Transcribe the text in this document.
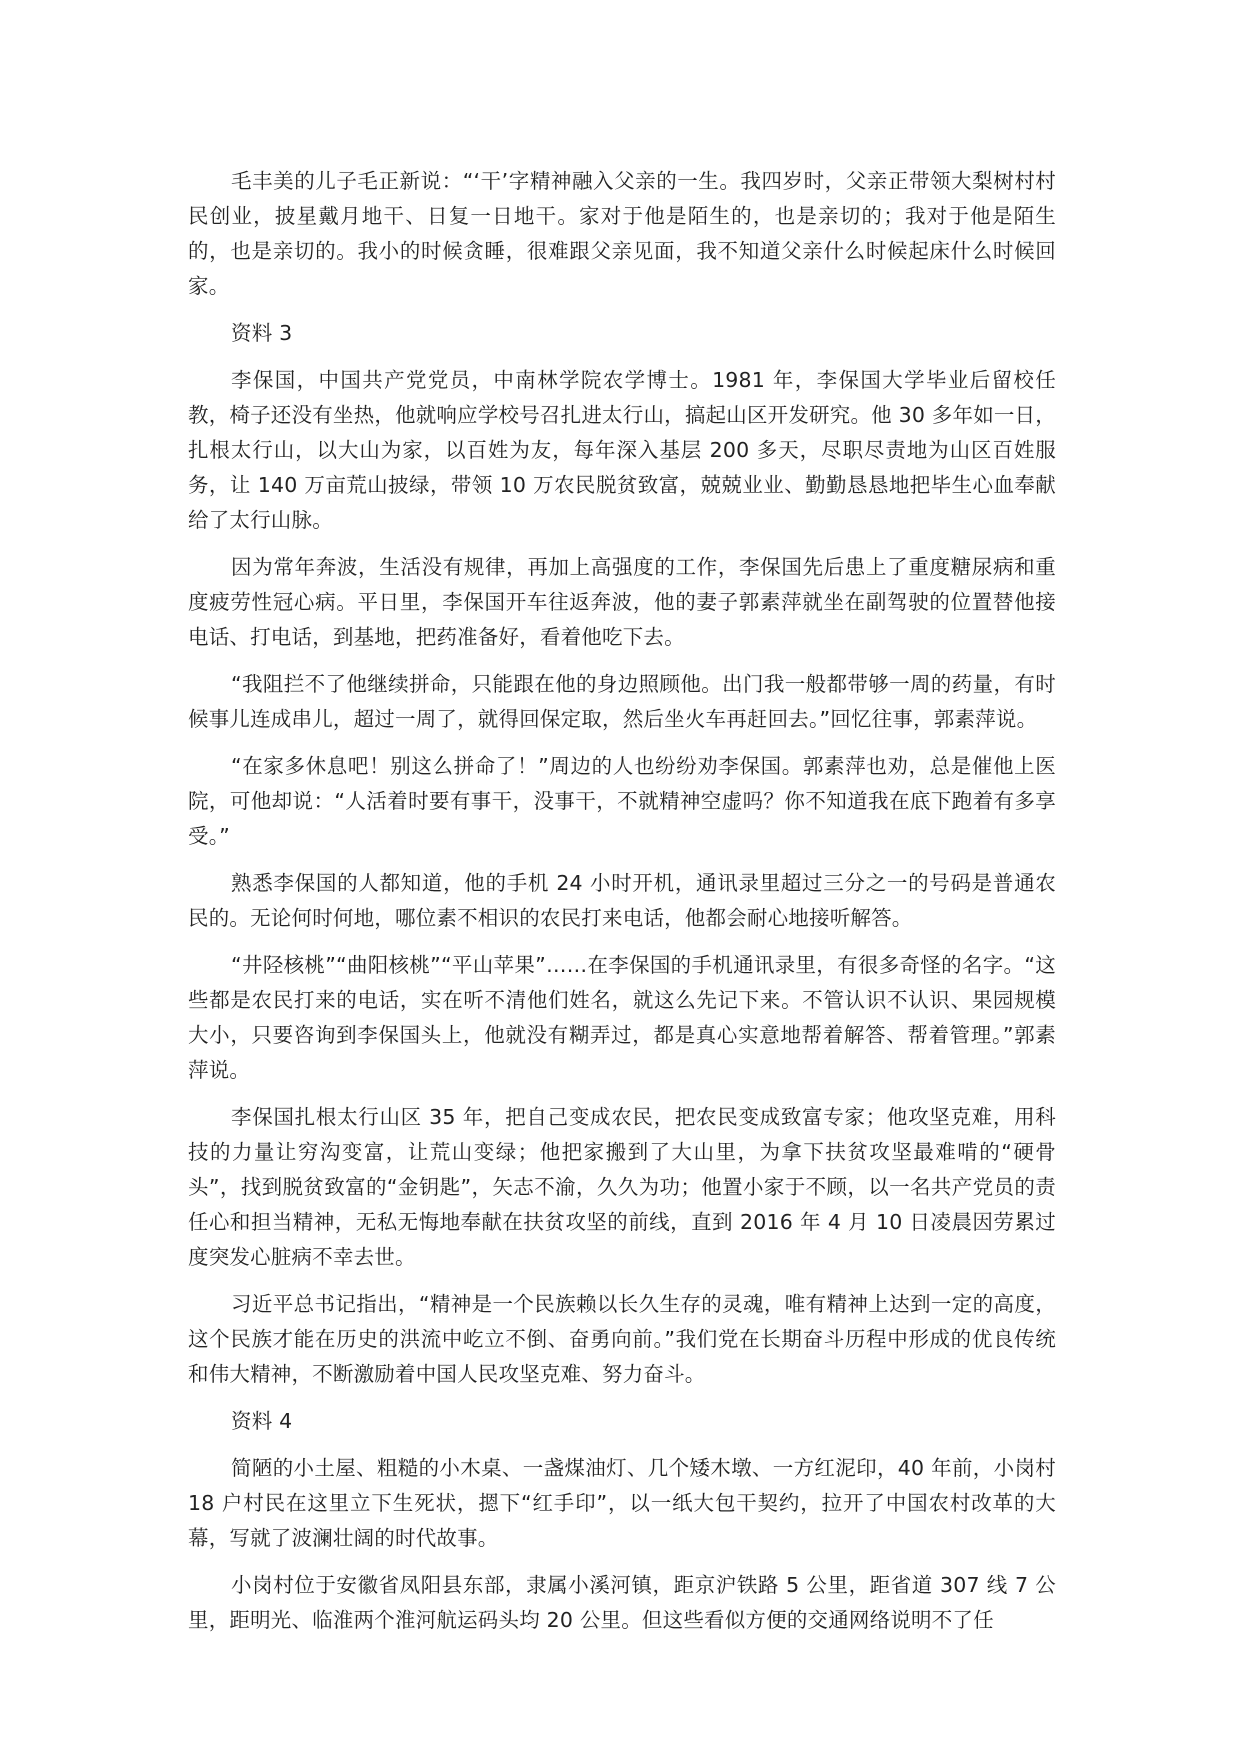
毛丰美的儿子毛正新说：“‘干’字精神融入父亲的一生。我四岁时，父亲正带领大梨树村村民创业，披星戴月地干、日复一日地干。家对于他是陌生的，也是亲切的；我对于他是陌生的，也是亲切的。我小的时候贪睡，很难跟父亲见面，我不知道父亲什么时候起床什么时候回家。

资料 3

李保国，中国共产党党员，中南林学院农学博士。1981 年，李保国大学毕业后留校任教，椅子还没有坐热，他就响应学校号召扎进太行山，搞起山区开发研究。他 30 多年如一日，扎根太行山，以大山为家，以百姓为友，每年深入基层 200 多天，尽职尽责地为山区百姓服务，让 140 万亩荒山披绿，带领 10 万农民脱贫致富，兢兢业业、勤勤恳恳地把毕生心血奉献给了太行山脉。

因为常年奔波，生活没有规律，再加上高强度的工作，李保国先后患上了重度糖尿病和重度疲劳性冠心病。平日里，李保国开车往返奔波，他的妻子郭素萍就坐在副驾驶的位置替他接电话、打电话，到基地，把药准备好，看着他吃下去。

“我阻拦不了他继续拼命，只能跟在他的身边照顾他。出门我一般都带够一周的药量，有时候事儿连成串儿，超过一周了，就得回保定取，然后坐火车再赶回去。”回忆往事，郭素萍说。

“在家多休息吧！别这么拼命了！”周边的人也纷纷劝李保国。郭素萍也劝，总是催他上医院，可他却说：“人活着时要有事干，没事干，不就精神空虚吗？你不知道我在底下跑着有多享受。”

熟悉李保国的人都知道，他的手机 24 小时开机，通讯录里超过三分之一的号码是普通农民的。无论何时何地，哪位素不相识的农民打来电话，他都会耐心地接听解答。

“井陉核桃”“曲阳核桃”“平山苹果”……在李保国的手机通讯录里，有很多奇怪的名字。“这些都是农民打来的电话，实在听不清他们姓名，就这么先记下来。不管认识不认识、果园规模大小，只要咨询到李保国头上，他就没有糊弄过，都是真心实意地帮着解答、帮着管理。”郭素萍说。

李保国扎根太行山区 35 年，把自己变成农民，把农民变成致富专家；他攻坚克难，用科技的力量让穷沟变富，让荒山变绿；他把家搬到了大山里，为拿下扶贫攻坚最难啃的“硬骨头”，找到脱贫致富的“金钥匙”，矢志不渝，久久为功；他置小家于不顾，以一名共产党员的责任心和担当精神，无私无悔地奉献在扶贫攻坚的前线，直到 2016 年 4 月 10 日凌晨因劳累过度突发心脏病不幸去世。

习近平总书记指出，“精神是一个民族赖以长久生存的灵魂，唯有精神上达到一定的高度，这个民族才能在历史的洪流中屹立不倒、奋勇向前。”我们党在长期奋斗历程中形成的优良传统和伟大精神，不断激励着中国人民攻坚克难、努力奋斗。

资料 4

简陋的小土屋、粗糙的小木桌、一盏煤油灯、几个矮木墩、一方红泥印，40 年前，小岗村 18 户村民在这里立下生死状，摁下“红手印”，以一纸大包干契约，拉开了中国农村改革的大幕，写就了波澜壮阔的时代故事。

小岗村位于安徽省凤阳县东部，隶属小溪河镇，距京沪铁路 5 公里，距省道 307 线 7 公里，距明光、临淮两个淮河航运码头均 20 公里。但这些看似方便的交通网络说明不了任
